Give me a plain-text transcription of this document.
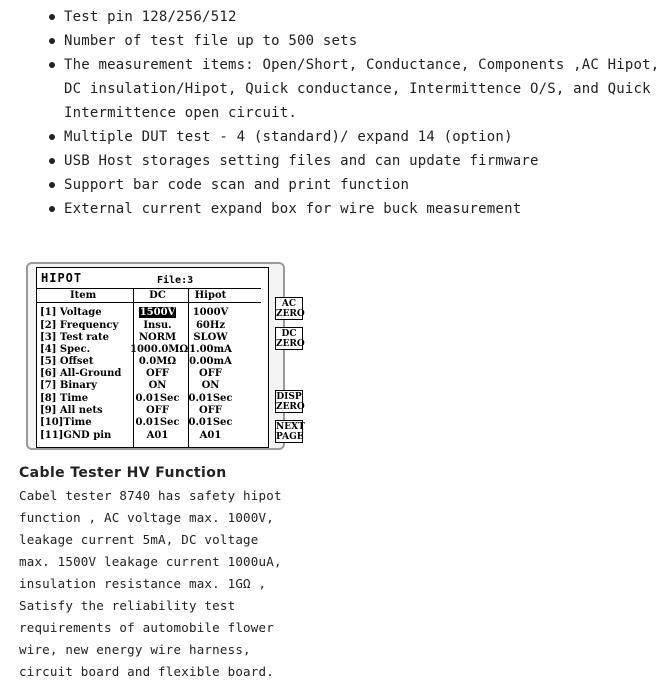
Test pin 128/256/512
Number of test file up to 500 sets
The measurement items: Open/Short, Conductance, Components ,AC Hipot, DC insulation/Hipot, Quick conductance, Intermittence O/S, and Quick Intermittence open circuit.
Multiple DUT test - 4 (standard)/ expand 14 (option)
USB Host storages setting files and can update firmware
Support bar code scan and print function
External current expand box for wire buck measurement
HIPOT	File:3
Item	DC	Hipot
[1] Voltage	1500V	1000V
[2] Frequency	Insu.	60Hz
[3] Test rate	NORM	SLOW
[4] Spec.	1000.0MΩ 1.00mA
[5] Offset	0.0MΩ	0.00mA
[6] All-Ground	OFF	OFF
[7] Binary	ON	ON
[8] Time	0.01Sec 0.01Sec
[9] All nets	OFF	OFF
[10]Time	0.01Sec 0.01Sec
[11]GND pin	A01	A01
AC
ZERO
DC
ZERO
DISP
ZERO
NEXT
PAGE
Cable Tester HV Function

Cabel tester 8740 has safety hipot function , AC voltage max. 1000V, leakage current 5mA, DC voltage max. 1500V leakage current 1000uA, insulation resistance max. 1GΩ , Satisfy the reliability test requirements of automobile flower wire, new energy wire harness, circuit board and flexible board.
